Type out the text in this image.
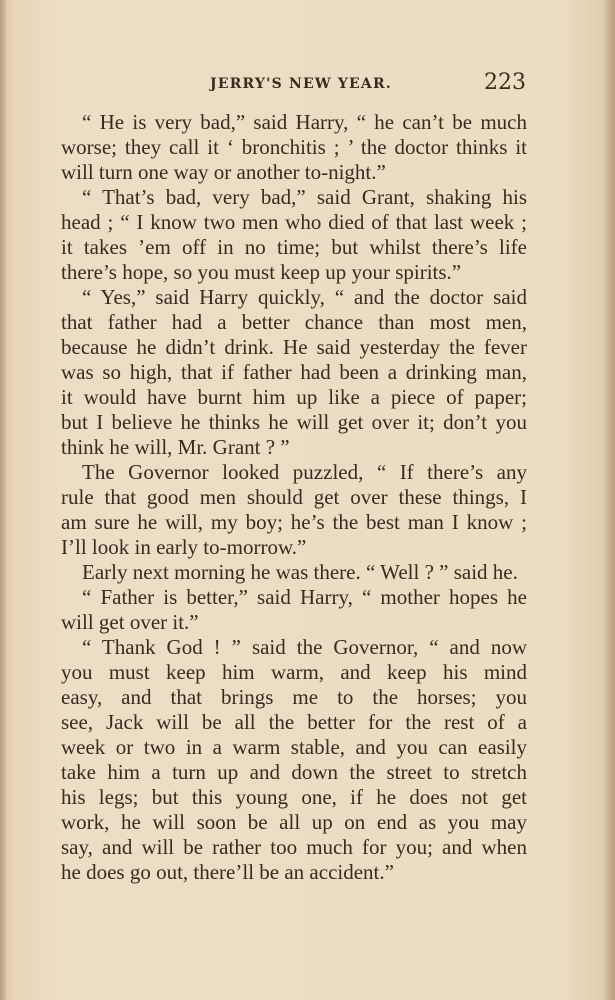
JERRY'S NEW YEAR.	223
“ He is very bad,” said Harry, “ he can’t be much
worse; they call it ‘ bronchitis ; ’ the doctor thinks it
will turn one way or another to-night.”
“ That’s bad, very bad,” said Grant, shaking his
head ; “ I know two men who died of that last week ;
it takes ’em off in no time; but whilst there’s life
there’s hope, so you must keep up your spirits.”
“ Yes,” said Harry quickly, “ and the doctor said
that father had a better chance than most men,
because he didn’t drink. He said yesterday the fever
was so high, that if father had been a drinking man,
it would have burnt him up like a piece of paper;
but I believe he thinks he will get over it; don’t you
think he will, Mr. Grant ? ”
The Governor looked puzzled, “ If there’s any
rule that good men should get over these things, I
am sure he will, my boy; he’s the best man I know ;
I’ll look in early to-morrow.”
Early next morning he was there. “ Well ? ” said he.
“ Father is better,” said Harry, “ mother hopes he
will get over it.”
“ Thank God ! ” said the Governor, “ and now
you must keep him warm, and keep his mind
easy, and that brings me to the horses; you
see, Jack will be all the better for the rest of a
week or two in a warm stable, and you can easily
take him a turn up and down the street to stretch
his legs; but this young one, if he does not get
work, he will soon be all up on end as you may
say, and will be rather too much for you; and when
he does go out, there’ll be an accident.”
